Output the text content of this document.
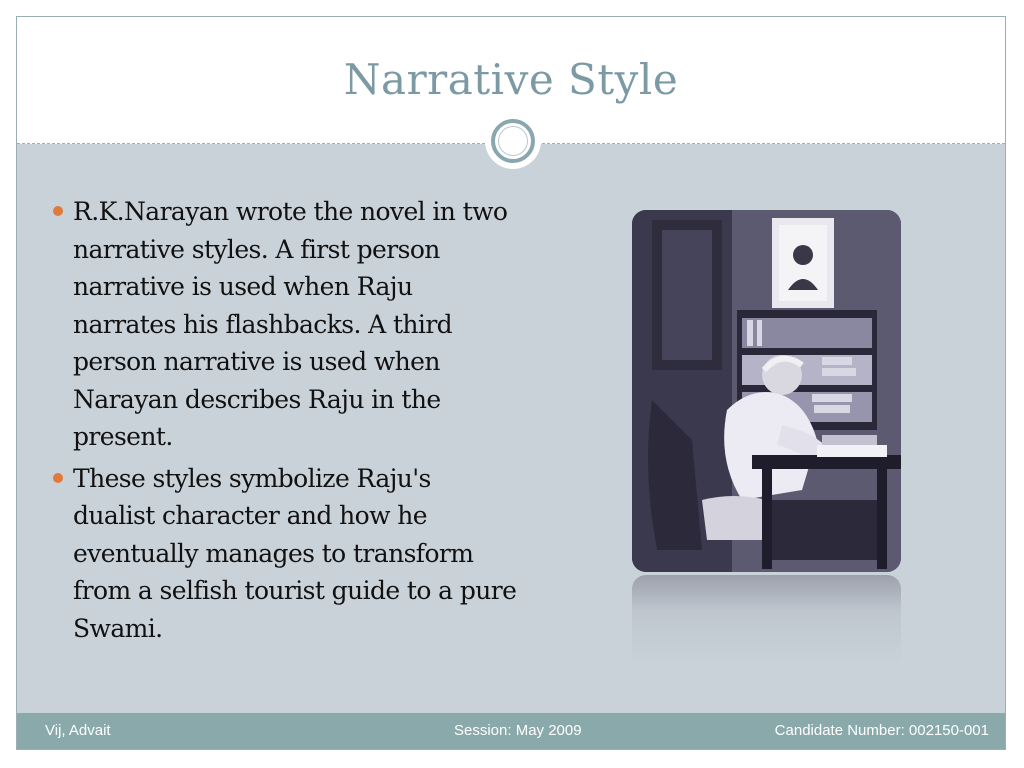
Narrative Style
R.K.Narayan wrote the novel in two narrative styles. A first person narrative is used when Raju narrates his flashbacks. A third person narrative is used when Narayan describes Raju in the present.
These styles symbolize Raju's dualist character and how he eventually manages to transform from a selfish tourist guide to a pure Swami.
Vij, Advait	Session: May 2009	Candidate Number: 002150-001
